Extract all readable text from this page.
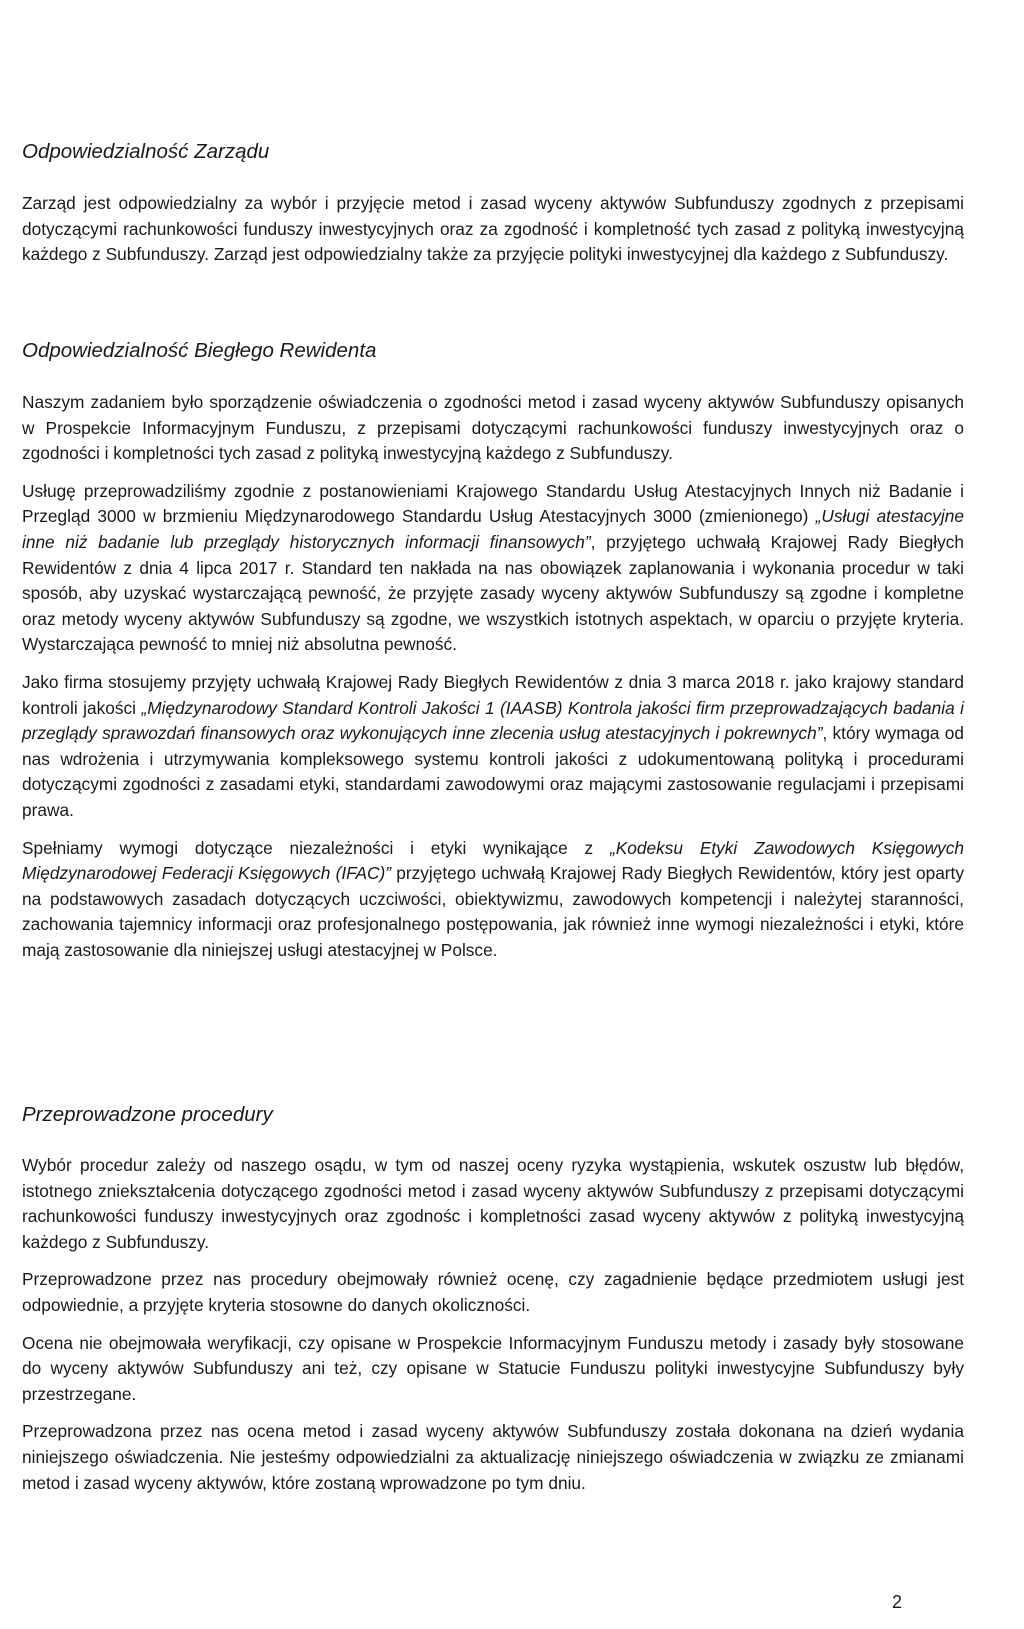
Odpowiedzialność Zarządu

Zarząd jest odpowiedzialny za wybór i przyjęcie metod i zasad wyceny aktywów Subfunduszy zgodnych z przepisami dotyczącymi rachunkowości funduszy inwestycyjnych oraz za zgodność i kompletność tych zasad z polityką inwestycyjną każdego z Subfunduszy. Zarząd jest odpowiedzialny także za przyjęcie polityki inwestycyjnej dla każdego z Subfunduszy.

Odpowiedzialność Biegłego Rewidenta

Naszym zadaniem było sporządzenie oświadczenia o zgodności metod i zasad wyceny aktywów Subfunduszy opisanych w Prospekcie Informacyjnym Funduszu, z przepisami dotyczącymi rachunkowości funduszy inwestycyjnych oraz o zgodności i kompletności tych zasad z polityką inwestycyjną każdego z Subfunduszy.

Usługę przeprowadziliśmy zgodnie z postanowieniami Krajowego Standardu Usług Atestacyjnych Innych niż Badanie i Przegląd 3000 w brzmieniu Międzynarodowego Standardu Usług Atestacyjnych 3000 (zmienionego) „Usługi atestacyjne inne niż badanie lub przeglądy historycznych informacji finansowych”, przyjętego uchwałą Krajowej Rady Biegłych Rewidentów z dnia 4 lipca 2017 r. Standard ten nakłada na nas obowiązek zaplanowania i wykonania procedur w taki sposób, aby uzyskać wystarczającą pewność, że przyjęte zasady wyceny aktywów Subfunduszy są zgodne i kompletne oraz metody wyceny aktywów Subfunduszy są zgodne, we wszystkich istotnych aspektach, w oparciu o przyjęte kryteria. Wystarczająca pewność to mniej niż absolutna pewność.

Jako firma stosujemy przyjęty uchwałą Krajowej Rady Biegłych Rewidentów z dnia 3 marca 2018 r. jako krajowy standard kontroli jakości „Międzynarodowy Standard Kontroli Jakości 1 (IAASB) Kontrola jakości firm przeprowadzających badania i przeglądy sprawozdań finansowych oraz wykonujących inne zlecenia usług atestacyjnych i pokrewnych”, który wymaga od nas wdrożenia i utrzymywania kompleksowego systemu kontroli jakości z udokumentowaną polityką i procedurami dotyczącymi zgodności z zasadami etyki, standardami zawodowymi oraz mającymi zastosowanie regulacjami i przepisami prawa.

Spełniamy wymogi dotyczące niezależności i etyki wynikające z „Kodeksu Etyki Zawodowych Księgowych Międzynarodowej Federacji Księgowych (IFAC)” przyjętego uchwałą Krajowej Rady Biegłych Rewidentów, który jest oparty na podstawowych zasadach dotyczących uczciwości, obiektywizmu, zawodowych kompetencji i należytej staranności, zachowania tajemnicy informacji oraz profesjonalnego postępowania, jak również inne wymogi niezależności i etyki, które mają zastosowanie dla niniejszej usługi atestacyjnej w Polsce.

Przeprowadzone procedury

Wybór procedur zależy od naszego osądu, w tym od naszej oceny ryzyka wystąpienia, wskutek oszustw lub błędów, istotnego zniekształcenia dotyczącego zgodności metod i zasad wyceny aktywów Subfunduszy z przepisami dotyczącymi rachunkowości funduszy inwestycyjnych oraz zgodnośc i kompletności zasad wyceny aktywów z polityką inwestycyjną każdego z Subfunduszy.

Przeprowadzone przez nas procedury obejmowały również ocenę, czy zagadnienie będące przedmiotem usługi jest odpowiednie, a przyjęte kryteria stosowne do danych okoliczności.

Ocena nie obejmowała weryfikacji, czy opisane w Prospekcie Informacyjnym Funduszu metody i zasady były stosowane do wyceny aktywów Subfunduszy ani też, czy opisane w Statucie Funduszu polityki inwestycyjne Subfunduszy były przestrzegane.

Przeprowadzona przez nas ocena metod i zasad wyceny aktywów Subfunduszy została dokonana na dzień wydania niniejszego oświadczenia. Nie jesteśmy odpowiedzialni za aktualizację niniejszego oświadczenia w związku ze zmianami metod i zasad wyceny aktywów, które zostaną wprowadzone po tym dniu.

2
